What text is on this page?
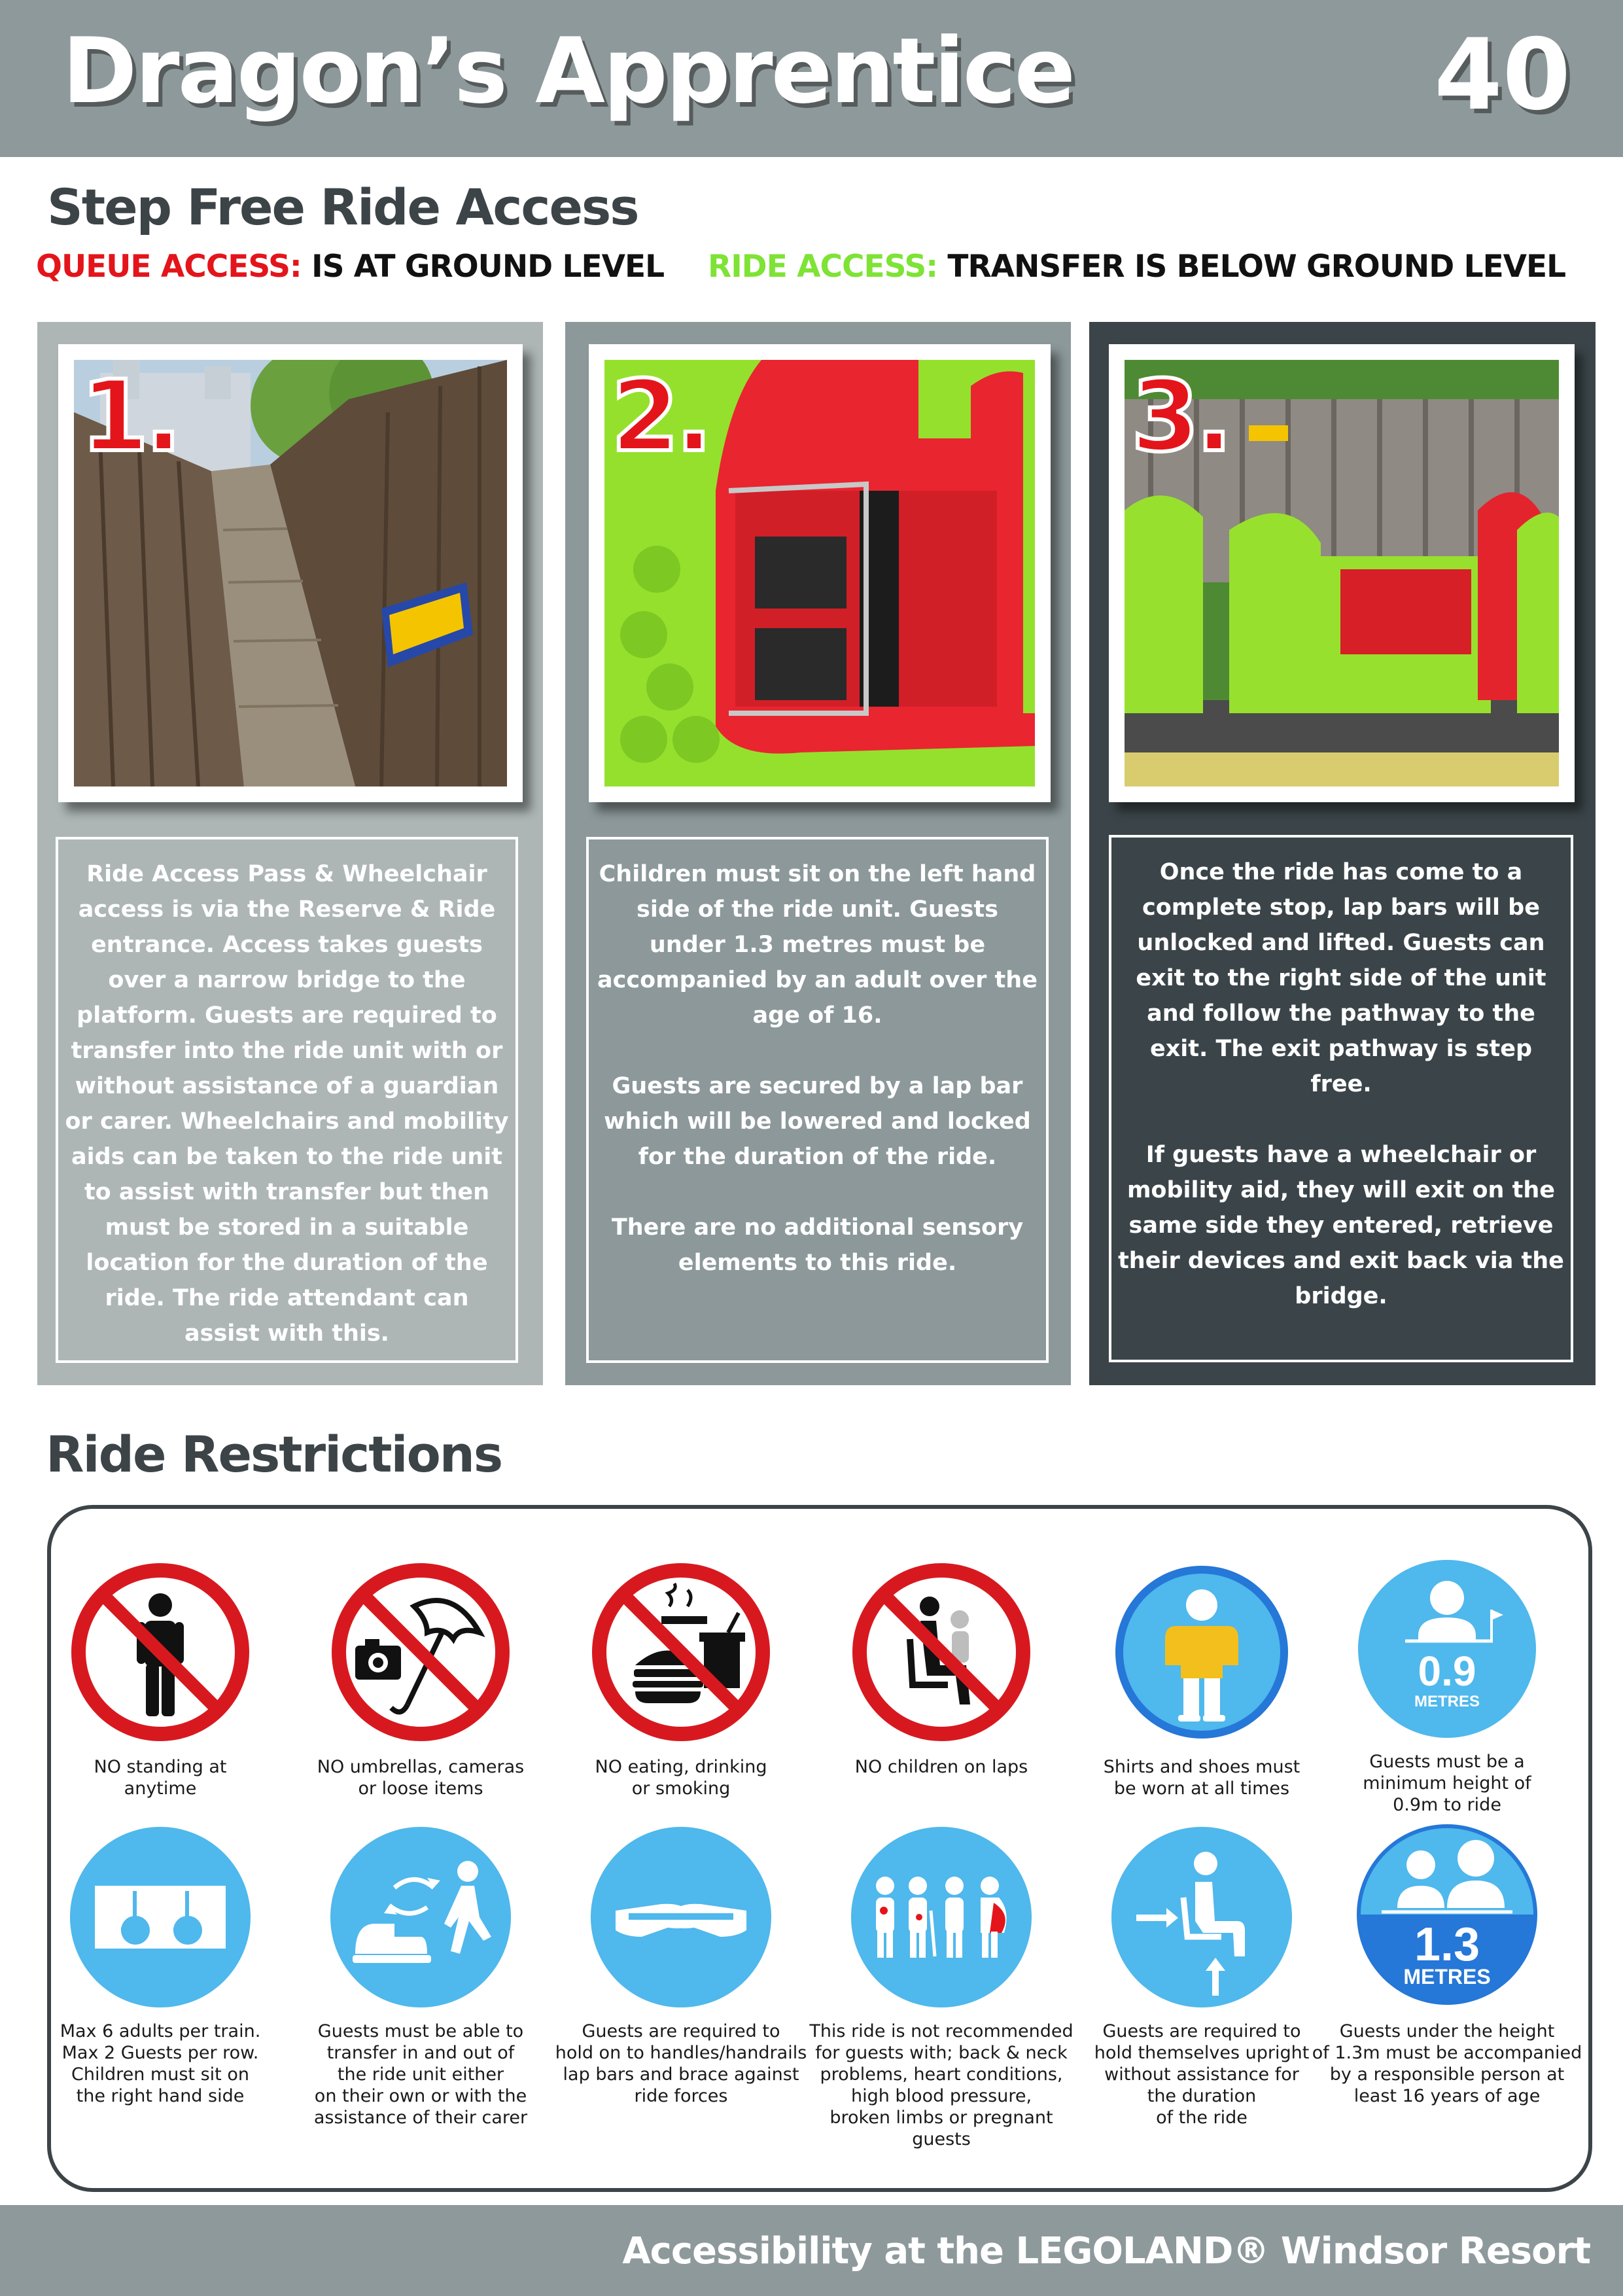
Dragon’s Apprentice	40
Step Free Ride Access
QUEUE ACCESS: IS AT GROUND LEVEL RIDE ACCESS: TRANSFER IS BELOW GROUND LEVEL
1.

Ride Access Pass & Wheelchair access is via the Reserve & Ride entrance. Access takes guests over a narrow bridge to the platform. Guests are required to transfer into the ride unit with or without assistance of a guardian or carer. Wheelchairs and mobility aids can be taken to the ride unit to assist with transfer but then must be stored in a suitable location for the duration of the ride. The ride attendant can assist with this.

2.

Children must sit on the left hand side of the ride unit. Guests under 1.3 metres must be accompanied by an adult over the age of 16.

Guests are secured by a lap bar which will be lowered and locked for the duration of the ride.

There are no additional sensory elements to this ride.

3.

Once the ride has come to a complete stop, lap bars will be unlocked and lifted. Guests can exit to the right side of the unit and follow the pathway to the exit. The exit pathway is step free.

If guests have a wheelchair or mobility aid, they will exit on the same side they entered, retrieve their devices and exit back via the bridge.

Ride Restrictions
NO standing at
anytime
NO umbrellas, cameras
or loose items
NO eating, drinking
or smoking
NO children on laps	Shirts and shoes must
be worn at all times
0.9
METRES
Guests must be a
minimum height of
0.9m to ride
Max 6 adults per train.
Max 2 Guests per row.
Children must sit on
the right hand side
Guests must be able to
transfer in and out of
the ride unit either
on their own or with the
assistance of their carer
Guests are required to
hold on to handles/handrails
lap bars and brace against
ride forces
This ride is not recommended
for guests with; back & neck
problems, heart conditions,
high blood pressure,
broken limbs or pregnant guests
Guests are required to
hold themselves upright
without assistance for
the duration
of the ride
1.3
METRES
Guests under the height
of 1.3m must be accompanied
by a responsible person at
least 16 years of age
Accessibility at the LEGOLAND® Windsor Resort
